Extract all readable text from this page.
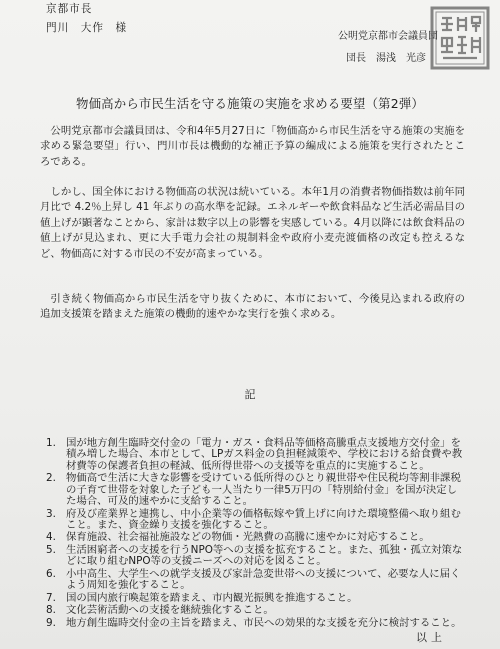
京都市長
門川　大作　様
公明党京都市会議員団
団長　湯浅　光彦
物価高から市民生活を守る施策の実施を求める要望（第2弾）
公明党京都市会議員団は、令和4年5月27日に「物価高から市民生活を守る施策の実施を求める緊急要望」行い、門川市長は機動的な補正予算の編成による施策を実行されたところである。
しかし、国全体における物価高の状況は続いている。本年1月の消費者物価指数は前年同月比で 4.2％上昇し 41 年ぶりの高水準を記録。エネルギーや飲食料品など生活必需品目の値上げが顕著なことから、家計は数字以上の影響を実感している。4月以降には飲食料品の値上げが見込まれ、更に大手電力会社の規制料金や政府小麦売渡価格の改定も控えるなど、物価高に対する市民の不安が高まっている。
引き続く物価高から市民生活を守り抜くために、本市において、今後見込まれる政府の追加支援策を踏まえた施策の機動的速やかな実行を強く求める。
記
1. 国が地方創生臨時交付金の「電力・ガス・食料品等価格高騰重点支援地方交付金」を積み増した場合、本市として、LPガス料金の負担軽減策や、学校における給食費や教材費等の保護者負担の軽減、低所得世帯への支援等を重点的に実施すること。
2. 物価高で生活に大きな影響を受けている低所得のひとり親世帯や住民税均等割非課税の子育て世帯を対象した子ども一人当たり一律5万円の「特別給付金」を国が決定した場合、可及的速やかに支給すること。
3. 府及び産業界と連携し、中小企業等の価格転嫁や賃上げに向けた環境整備へ取り組むこと。また、資金繰り支援を強化すること。
4. 保育施設、社会福祉施設などの物価・光熱費の高騰に速やかに対応すること。
5. 生活困窮者への支援を行うNPO等への支援を拡充すること。また、孤独・孤立対策などに取り組むNPO等の支援ニーズへの対応を図ること。
6. 小中高生、大学生への就学支援及び家計急変世帯への支援について、必要な人に届くよう周知を強化すること。
7. 国の国内旅行喚起策を踏まえ、市内観光振興を推進すること。
8. 文化芸術活動への支援を継続強化すること。
9. 地方創生臨時交付金の主旨を踏まえ、市民への効果的な支援を充分に検討すること。
以上
